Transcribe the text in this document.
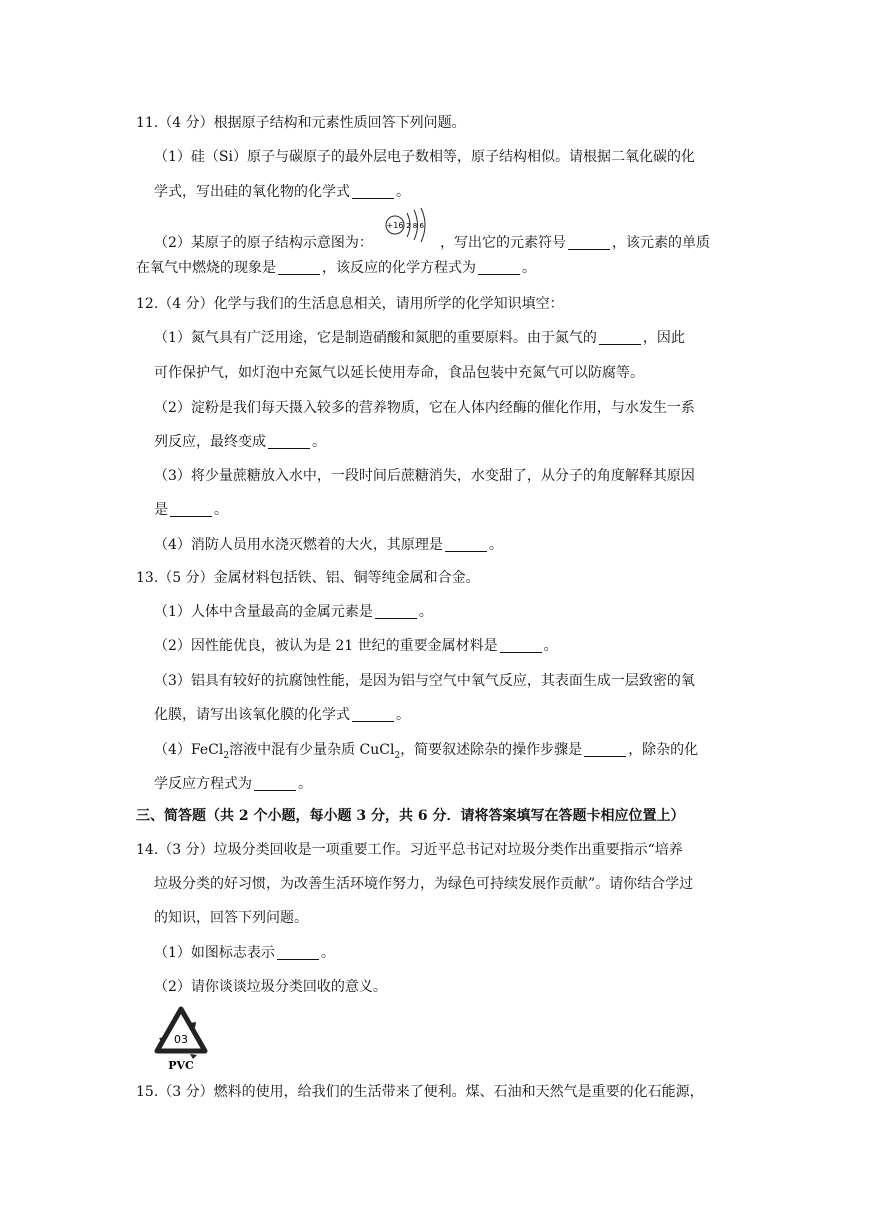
11.（4 分）根据原子结构和元素性质回答下列问题。
（1）硅（Si）原子与碳原子的最外层电子数相等，原子结构相似。请根据二氧化碳的化
学式，写出硅的氧化物的化学式	。
+16 2 8 6
（2）某原子的原子结构示意图为：	，写出它的元素符号	，该元素的单质
在氧气中燃烧的现象是	，该反应的化学方程式为	。
12.（4 分）化学与我们的生活息息相关，请用所学的化学知识填空：
（1）氮气具有广泛用途，它是制造硝酸和氮肥的重要原料。由于氮气的	，因此
可作保护气，如灯泡中充氮气以延长使用寿命，食品包装中充氮气可以防腐等。
（2）淀粉是我们每天摄入较多的营养物质，它在人体内经酶的催化作用，与水发生一系
列反应，最终变成	。
（3）将少量蔗糖放入水中，一段时间后蔗糖消失，水变甜了，从分子的角度解释其原因
是	。
（4）消防人员用水浇灭燃着的大火，其原理是	。
13.（5 分）金属材料包括铁、铝、铜等纯金属和合金。
（1）人体中含量最高的金属元素是	。
（2）因性能优良，被认为是 21 世纪的重要金属材料是	。
（3）铝具有较好的抗腐蚀性能，是因为铝与空气中氧气反应，其表面生成一层致密的氧
化膜，请写出该氧化膜的化学式	。
（4）FeCl$_2$溶液中混有少量杂质 CuCl$_2$，简要叙述除杂的操作步骤是	，除杂的化
学反应方程式为	。
三、简答题（共 2 个小题，每小题 3 分，共 6 分．请将答案填写在答题卡相应位置上）
14.（3 分）垃圾分类回收是一项重要工作。习近平总书记对垃圾分类作出重要指示“培养
垃圾分类的好习惯，为改善生活环境作努力，为绿色可持续发展作贡献”。请你结合学过
的知识，回答下列问题。
（1）如图标志表示	。
（2）请你谈谈垃圾分类回收的意义。
03
PVC
15.（3 分）燃料的使用，给我们的生活带来了便利。煤、石油和天然气是重要的化石能源，
